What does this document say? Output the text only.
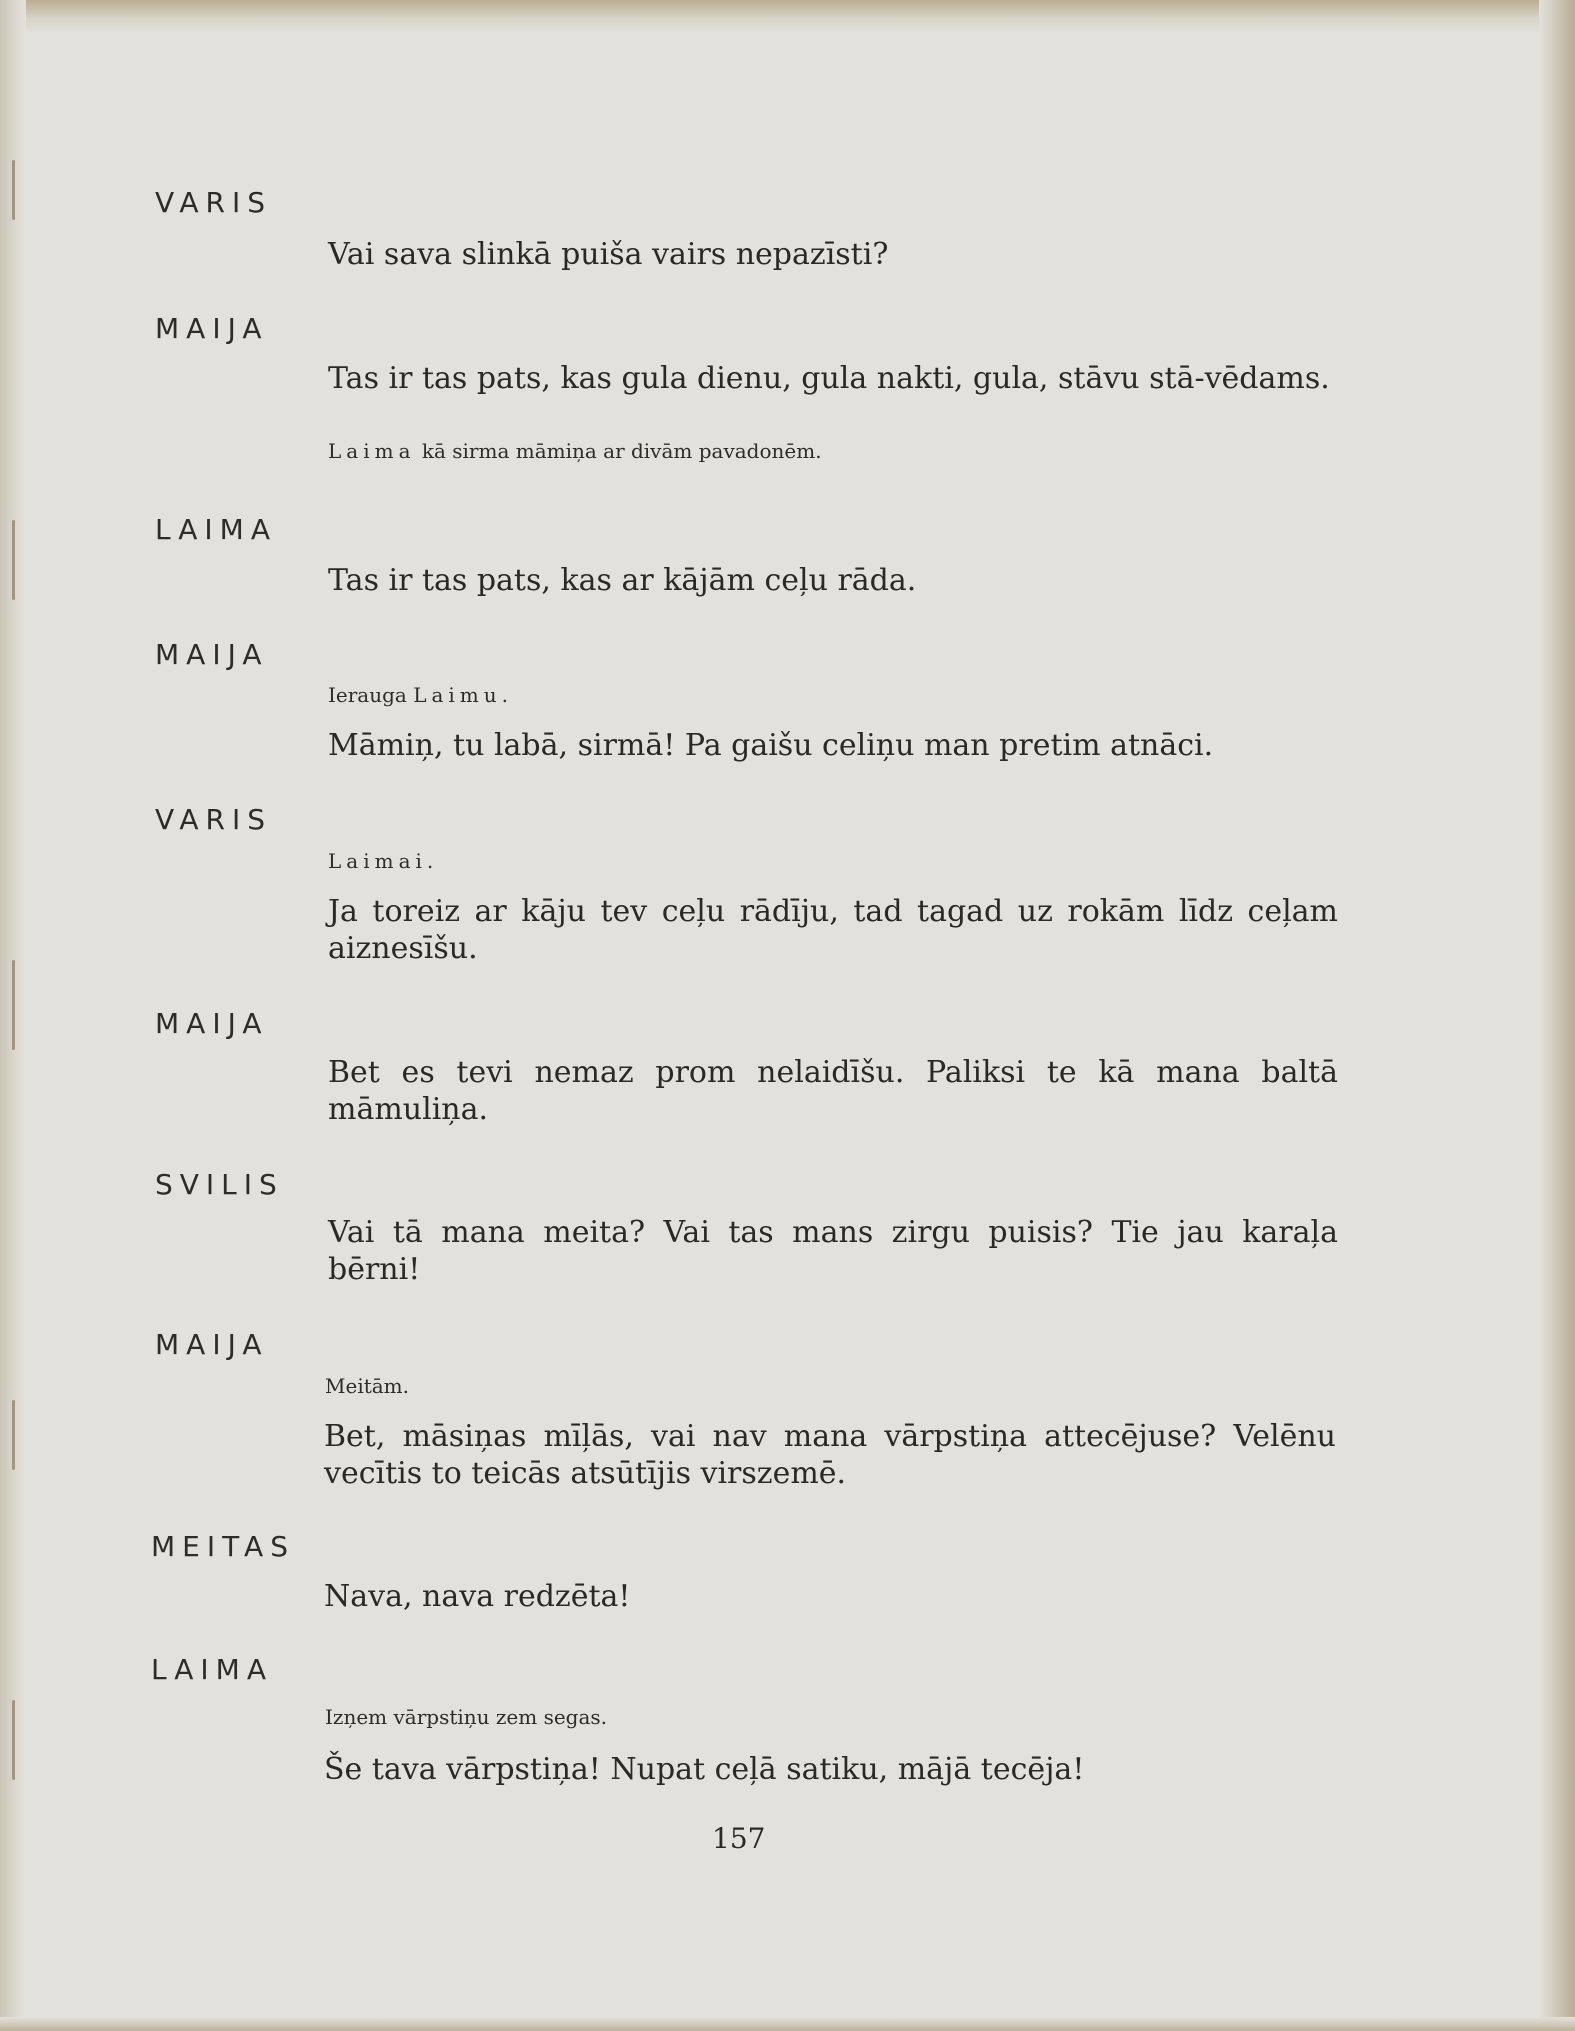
VARIS
Vai sava slinkā puiša vairs nepazīsti?
MAIJA
Tas ir tas pats, kas gula dienu, gula nakti, gula, stāvu stā-vēdams.
Laima kā sirma māmiņa ar divām pavadonēm.
LAIMA
Tas ir tas pats, kas ar kājām ceļu rāda.
MAIJA
Ierauga Laimu.
Māmiņ, tu labā, sirmā! Pa gaišu celiņu man pretim atnāci.
VARIS
Laimai.
Ja toreiz ar kāju tev ceļu rādīju, tad tagad uz rokām līdz ceļam aiznesīšu.
MAIJA
Bet es tevi nemaz prom nelaidīšu. Paliksi te kā mana baltā māmuliņa.
SVILIS
Vai tā mana meita? Vai tas mans zirgu puisis? Tie jau karaļa bērni!
MAIJA
Meitām.
Bet, māsiņas mīļās, vai nav mana vārpstiņa attecējuse? Velēnu vecītis to teicās atsūtījis virszemē.
MEITAS
Nava, nava redzēta!
LAIMA
Izņem vārpstiņu zem segas.
Še tava vārpstiņa! Nupat ceļā satiku, mājā tecēja!
157
